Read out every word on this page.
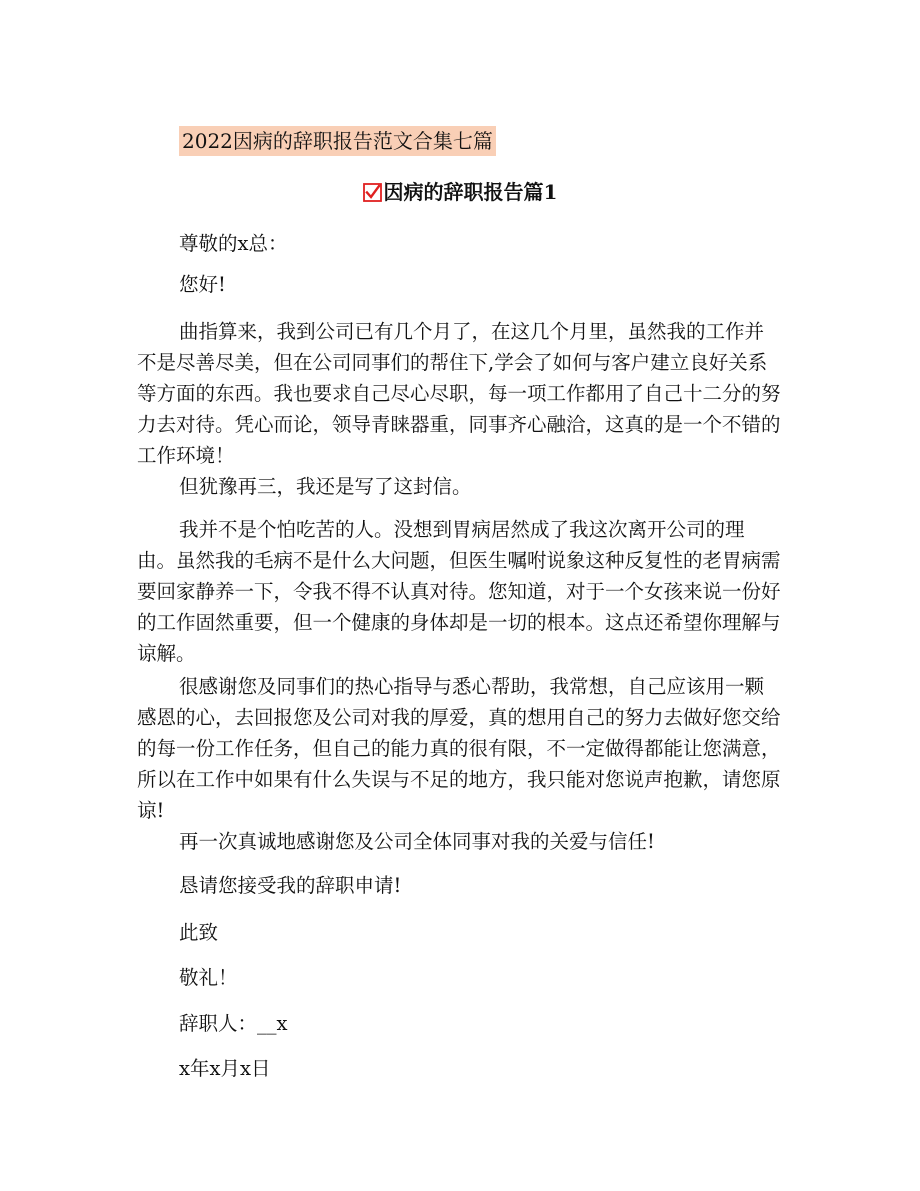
2022因病的辞职报告范文合集七篇
因病的辞职报告篇1
尊敬的x总：
您好!

曲指算来，我到公司已有几个月了，在这几个月里，虽然我的工作并不是尽善尽美，但在公司同事们的帮住下,学会了如何与客户建立良好关系等方面的东西。我也要求自己尽心尽职，每一项工作都用了自己十二分的努力去对待。凭心而论，领导青睐器重，同事齐心融洽，这真的是一个不错的工作环境！

但犹豫再三，我还是写了这封信。

我并不是个怕吃苦的人。没想到胃病居然成了我这次离开公司的理由。虽然我的毛病不是什么大问题，但医生嘱咐说象这种反复性的老胃病需要回家静养一下，令我不得不认真对待。您知道，对于一个女孩来说一份好的工作固然重要，但一个健康的身体却是一切的根本。这点还希望你理解与谅解。

很感谢您及同事们的热心指导与悉心帮助，我常想，自己应该用一颗感恩的心，去回报您及公司对我的厚爱，真的想用自己的努力去做好您交给的每一份工作任务，但自己的能力真的很有限，不一定做得都能让您满意，所以在工作中如果有什么失误与不足的地方，我只能对您说声抱歉，请您原谅!

再一次真诚地感谢您及公司全体同事对我的关爱与信任!
恳请您接受我的辞职申请!
此致
敬礼！
辞职人：__x
x年x月x日
